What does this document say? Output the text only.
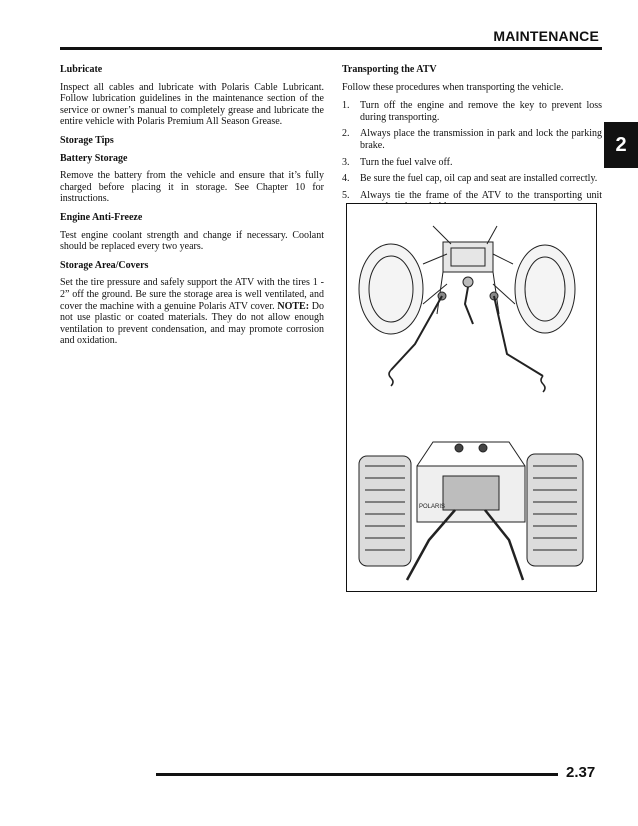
MAINTENANCE
2
Lubricate
Inspect all cables and lubricate with Polaris Cable Lubricant. Follow lubrication guidelines in the maintenance section of the service or owner’s manual to completely grease and lubricate the entire vehicle with Polaris Premium All Season Grease.
Storage Tips
Battery Storage
Remove the battery from the vehicle and ensure that it’s fully charged before placing it in storage. See Chapter 10 for instructions.
Engine Anti-Freeze
Test engine coolant strength and change if necessary. Coolant should be replaced every two years.
Storage Area/Covers
Set the tire pressure and safely support the ATV with the tires 1 - 2” off the ground. Be sure the storage area is well ventilated, and cover the machine with a genuine Polaris ATV cover. NOTE: Do not use plastic or coated materials. They do not allow enough ventilation to prevent condensation, and may promote corrosion and oxidation.
Transporting the ATV
Follow these procedures when transporting the vehicle.
1.	Turn off the engine and remove the key to prevent loss during transporting.
2.	Always place the transmission in park and lock the parking brake.
3.	Turn the fuel valve off.
4.	Be sure the fuel cap, oil cap and seat are installed correctly.
5.	Always tie the frame of the ATV to the transporting unit
POLARIS
2.37
